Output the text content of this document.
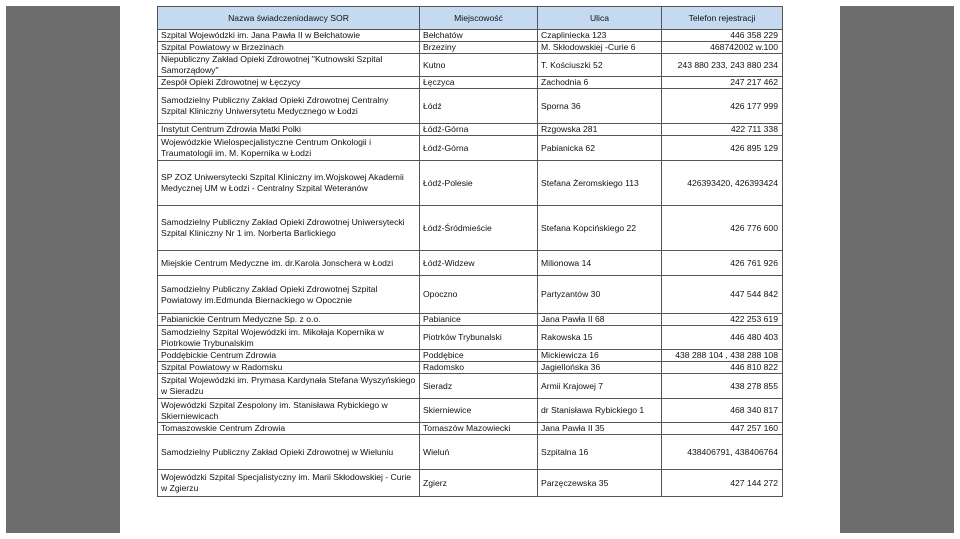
Nazwa świadczeniodawcy SOR	Miejscowość	Ulica	Telefon rejestracji
Szpital Wojewódzki im. Jana Pawła II w Bełchatowie	Bełchatów	Czapliniecka 123	446 358 229
Szpital Powiatowy w Brzezinach	Brzeziny	M. Skłodowskiej -Curie 6	468742002 w.100
Niepubliczny Zakład Opieki Zdrowotnej "Kutnowski Szpital Samorządowy"	Kutno	T. Kościuszki 52	243 880 233, 243 880 234
Zespół Opieki Zdrowotnej w Łęczycy	Łęczyca	Zachodnia 6	247 217 462
Samodzielny Publiczny Zakład Opieki Zdrowotnej Centralny Szpital Kliniczny Uniwersytetu Medycznego w Łodzi	Łódź	Sporna 36	426 177 999
Instytut Centrum Zdrowia Matki Polki	Łódź-Górna	Rzgowska 281	422 711 338
Wojewódzkie Wielospecjalistyczne Centrum Onkologii i Traumatologii im. M. Kopernika w Łodzi	Łódź-Górna	Pabianicka 62	426 895 129
SP ZOZ Uniwersytecki Szpital Kliniczny im.Wojskowej Akademii Medycznej UM w Łodzi - Centralny Szpital Weteranów	Łódź-Polesie	Stefana Żeromskiego 113	426393420, 426393424
Samodzielny Publiczny Zakład Opieki Zdrowotnej Uniwersytecki Szpital Kliniczny Nr 1 im. Norberta Barlickiego	Łódź-Śródmieście	Stefana Kopcińskiego 22	426 776 600
Miejskie Centrum Medyczne im. dr.Karola Jonschera w Łodzi	Łódź-Widzew	Milionowa 14	426 761 926
Samodzielny Publiczny Zakład Opieki Zdrowotnej Szpital Powiatowy im.Edmunda Biernackiego w Opocznie	Opoczno	Partyzantów 30	447 544 842
Pabianickie Centrum Medyczne Sp. z o.o.	Pabianice	Jana Pawła II 68	422 253 619
Samodzielny Szpital Wojewódzki im. Mikołaja Kopernika w Piotrkowie Trybunalskim	Piotrków Trybunalski	Rakowska 15	446 480 403
Poddębickie Centrum Zdrowia	Poddębice	Mickiewicza 16	438 288 104 , 438 288 108
Szpital Powiatowy w Radomsku	Radomsko	Jagiellońska 36	446 810 822
Szpital Wojewódzki im. Prymasa Kardynała Stefana Wyszyńskiego w Sieradzu	Sieradz	Armii Krajowej 7	438 278 855
Wojewódzki Szpital Zespolony im. Stanisława Rybickiego w Skierniewicach	Skierniewice	dr Stanisława Rybickiego 1	468 340 817
Tomaszowskie Centrum Zdrowia	Tomaszów Mazowiecki	Jana Pawła II 35	447 257 160
Samodzielny Publiczny Zakład Opieki Zdrowotnej w Wieluniu	Wieluń	Szpitalna 16	438406791, 438406764
Wojewódzki Szpital Specjalistyczny im. Marii Skłodowskiej - Curie w Zgierzu	Zgierz	Parzęczewska 35	427 144 272
